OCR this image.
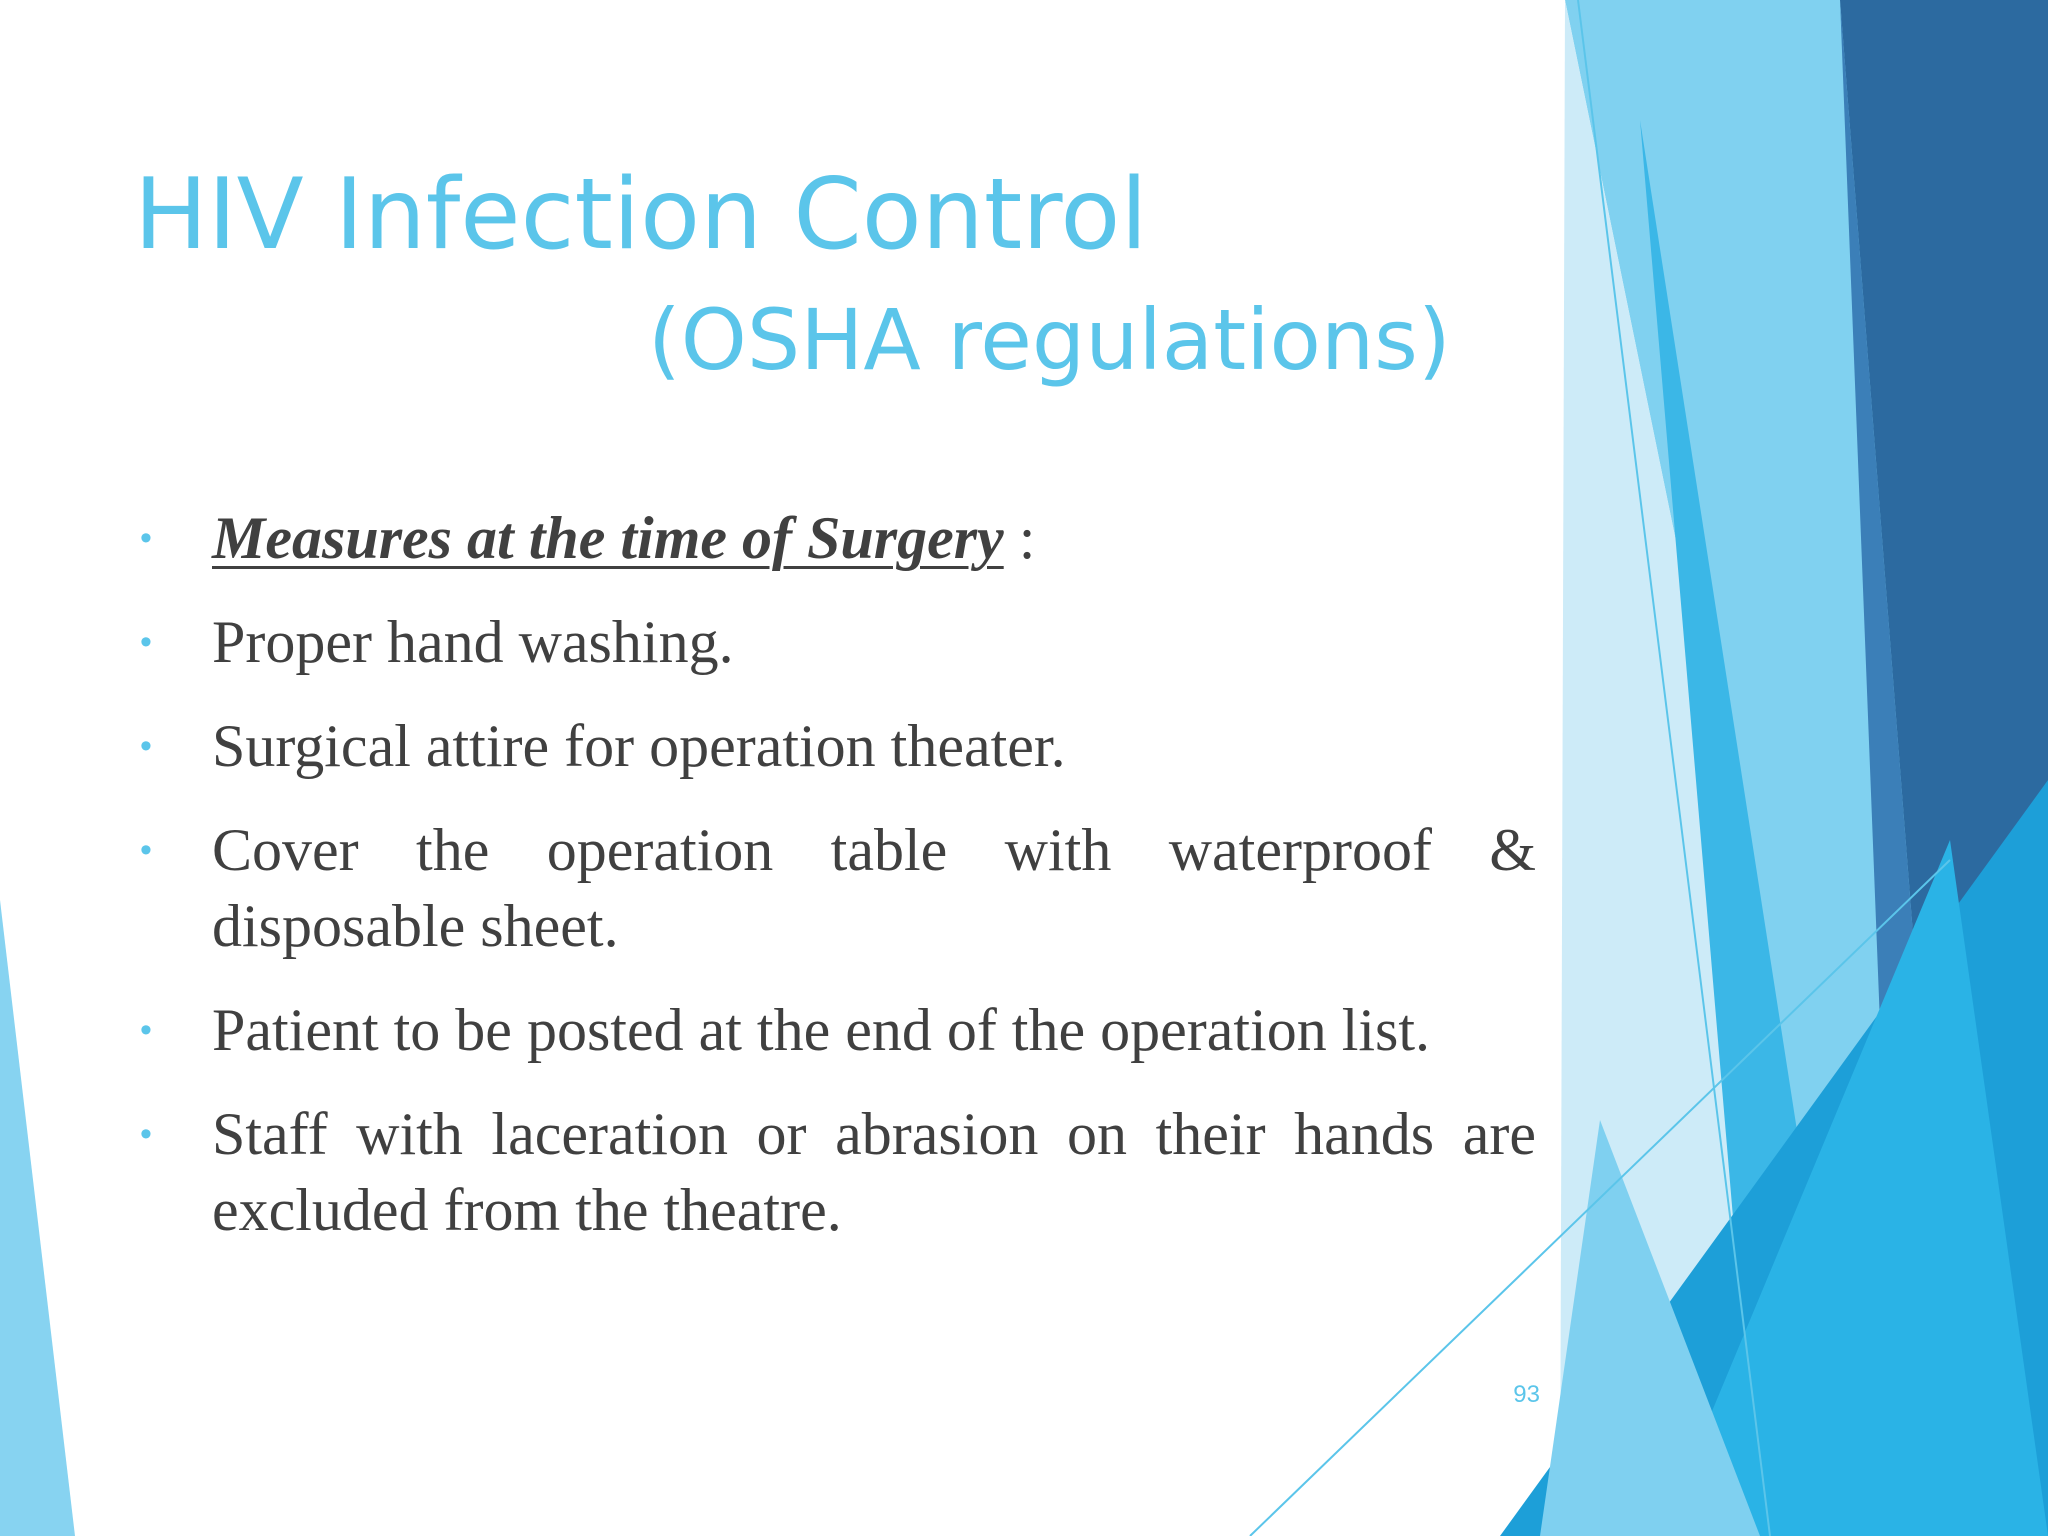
HIV Infection Control
(OSHA regulations)
• Measures at the time of Surgery :
• Proper hand washing.
• Surgical attire for operation theater.
• Cover the operation table with waterproof & disposable sheet.
• Patient to be posted at the end of the operation list.
• Staff with laceration or abrasion on their hands are excluded from the theatre.
93
